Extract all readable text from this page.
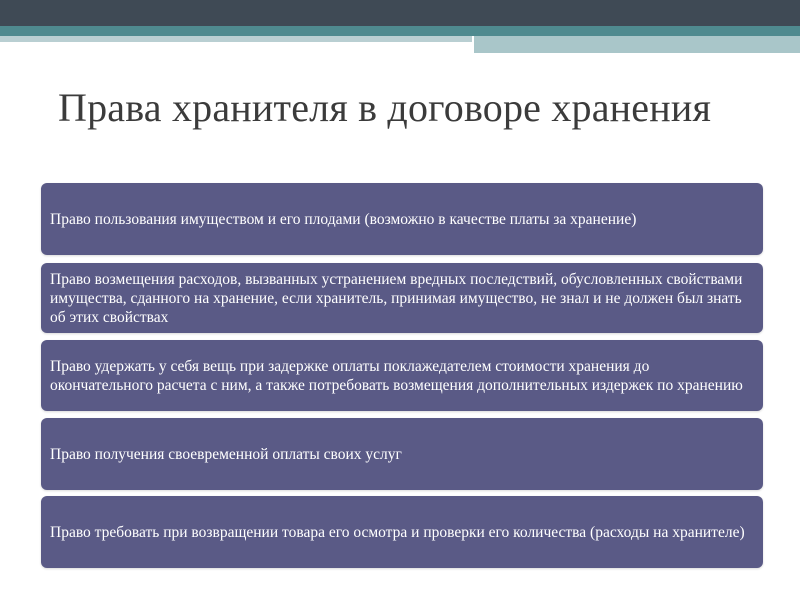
Права хранителя в договоре хранения
Право пользования имуществом и его плодами (возможно в качестве платы за хранение)
Право возмещения расходов, вызванных устранением вредных последствий, обусловленных свойствами имущества, сданного на хранение, если хранитель, принимая имущество, не знал и не должен был знать об этих свойствах
Право удержать у себя вещь при задержке оплаты поклажедателем стоимости хранения до окончательного расчета с ним, а также потребовать возмещения дополнительных издержек по хранению
Право получения своевременной оплаты своих услуг
Право требовать при возвращении товара его осмотра и проверки его количества (расходы на хранителе)
